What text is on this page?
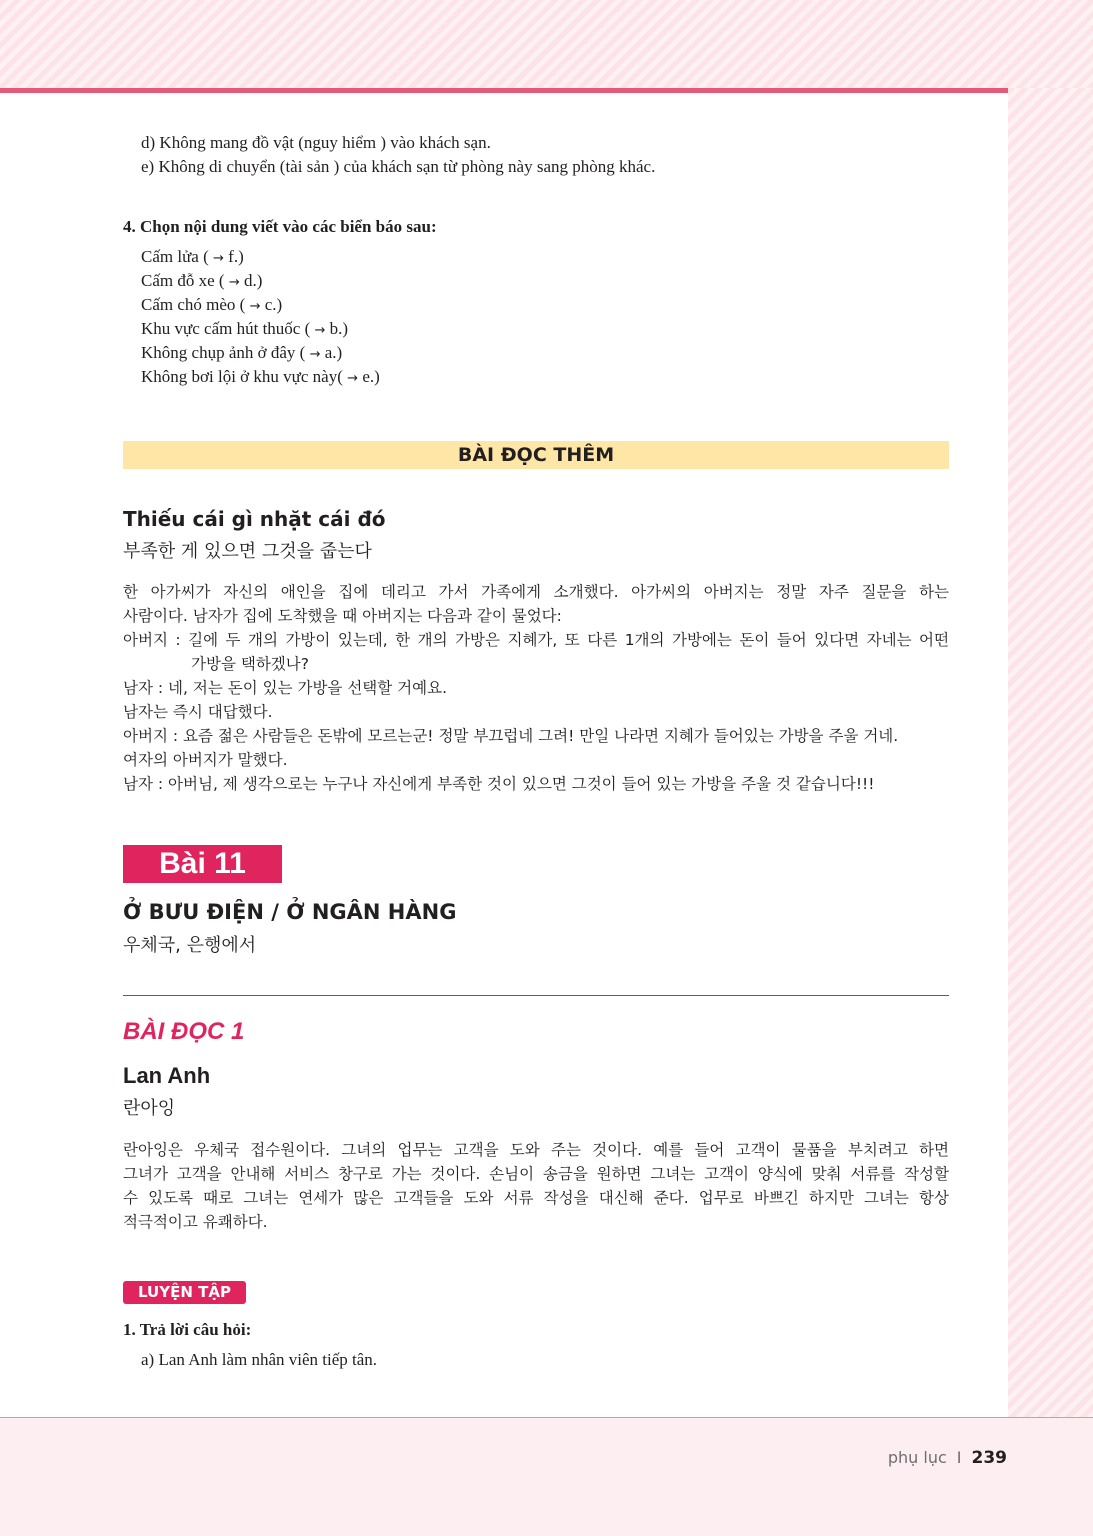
d) Không mang đồ vật (nguy hiểm ) vào khách sạn.
e) Không di chuyển (tài sản ) của khách sạn từ phòng này sang phòng khác.
4. Chọn nội dung viết vào các biển báo sau:
Cấm lửa ( → f.)
Cấm đỗ xe ( → d.)
Cấm chó mèo ( → c.)
Khu vực cấm hút thuốc ( → b.)
Không chụp ảnh ở đây ( → a.)
Không bơi lội ở khu vực này( → e.)
BÀI ĐỌC THÊM
Thiếu cái gì nhặt cái đó
부족한 게 있으면 그것을 줍는다
한 아가씨가 자신의 애인을 집에 데리고 가서 가족에게 소개했다. 아가씨의 아버지는 정말 자주 질문을 하는
사람이다. 남자가 집에 도착했을 때 아버지는 다음과 같이 물었다:
아버지 : 길에 두 개의 가방이 있는데, 한 개의 가방은 지혜가, 또 다른 1개의 가방에는 돈이 들어 있다면 자네는 어떤
가방을 택하겠나?
남자 : 네, 저는 돈이 있는 가방을 선택할 거예요.
남자는 즉시 대답했다.
아버지 : 요즘 젊은 사람들은 돈밖에 모르는군! 정말 부끄럽네 그려! 만일 나라면 지혜가 들어있는 가방을 주울 거네.
여자의 아버지가 말했다.
남자 : 아버님, 제 생각으로는 누구나 자신에게 부족한 것이 있으면 그것이 들어 있는 가방을 주울 것 같습니다!!!
Bài 11
Ở BƯU ĐIỆN / Ở NGÂN HÀNG
우체국, 은행에서
BÀI ĐỌC 1
Lan Anh
란아잉
란아잉은 우체국 접수원이다. 그녀의 업무는 고객을 도와 주는 것이다. 예를 들어 고객이 물품을 부치려고 하면
그녀가 고객을 안내해 서비스 창구로 가는 것이다. 손님이 송금을 원하면 그녀는 고객이 양식에 맞춰 서류를 작성할
수 있도록 때로 그녀는 연세가 많은 고객들을 도와 서류 작성을 대신해 준다. 업무로 바쁘긴 하지만 그녀는 항상
적극적이고 유쾌하다.
LUYỆN TẬP
1. Trả lời câu hỏi:
a) Lan Anh làm nhân viên tiếp tân.
phụ lục I 239
